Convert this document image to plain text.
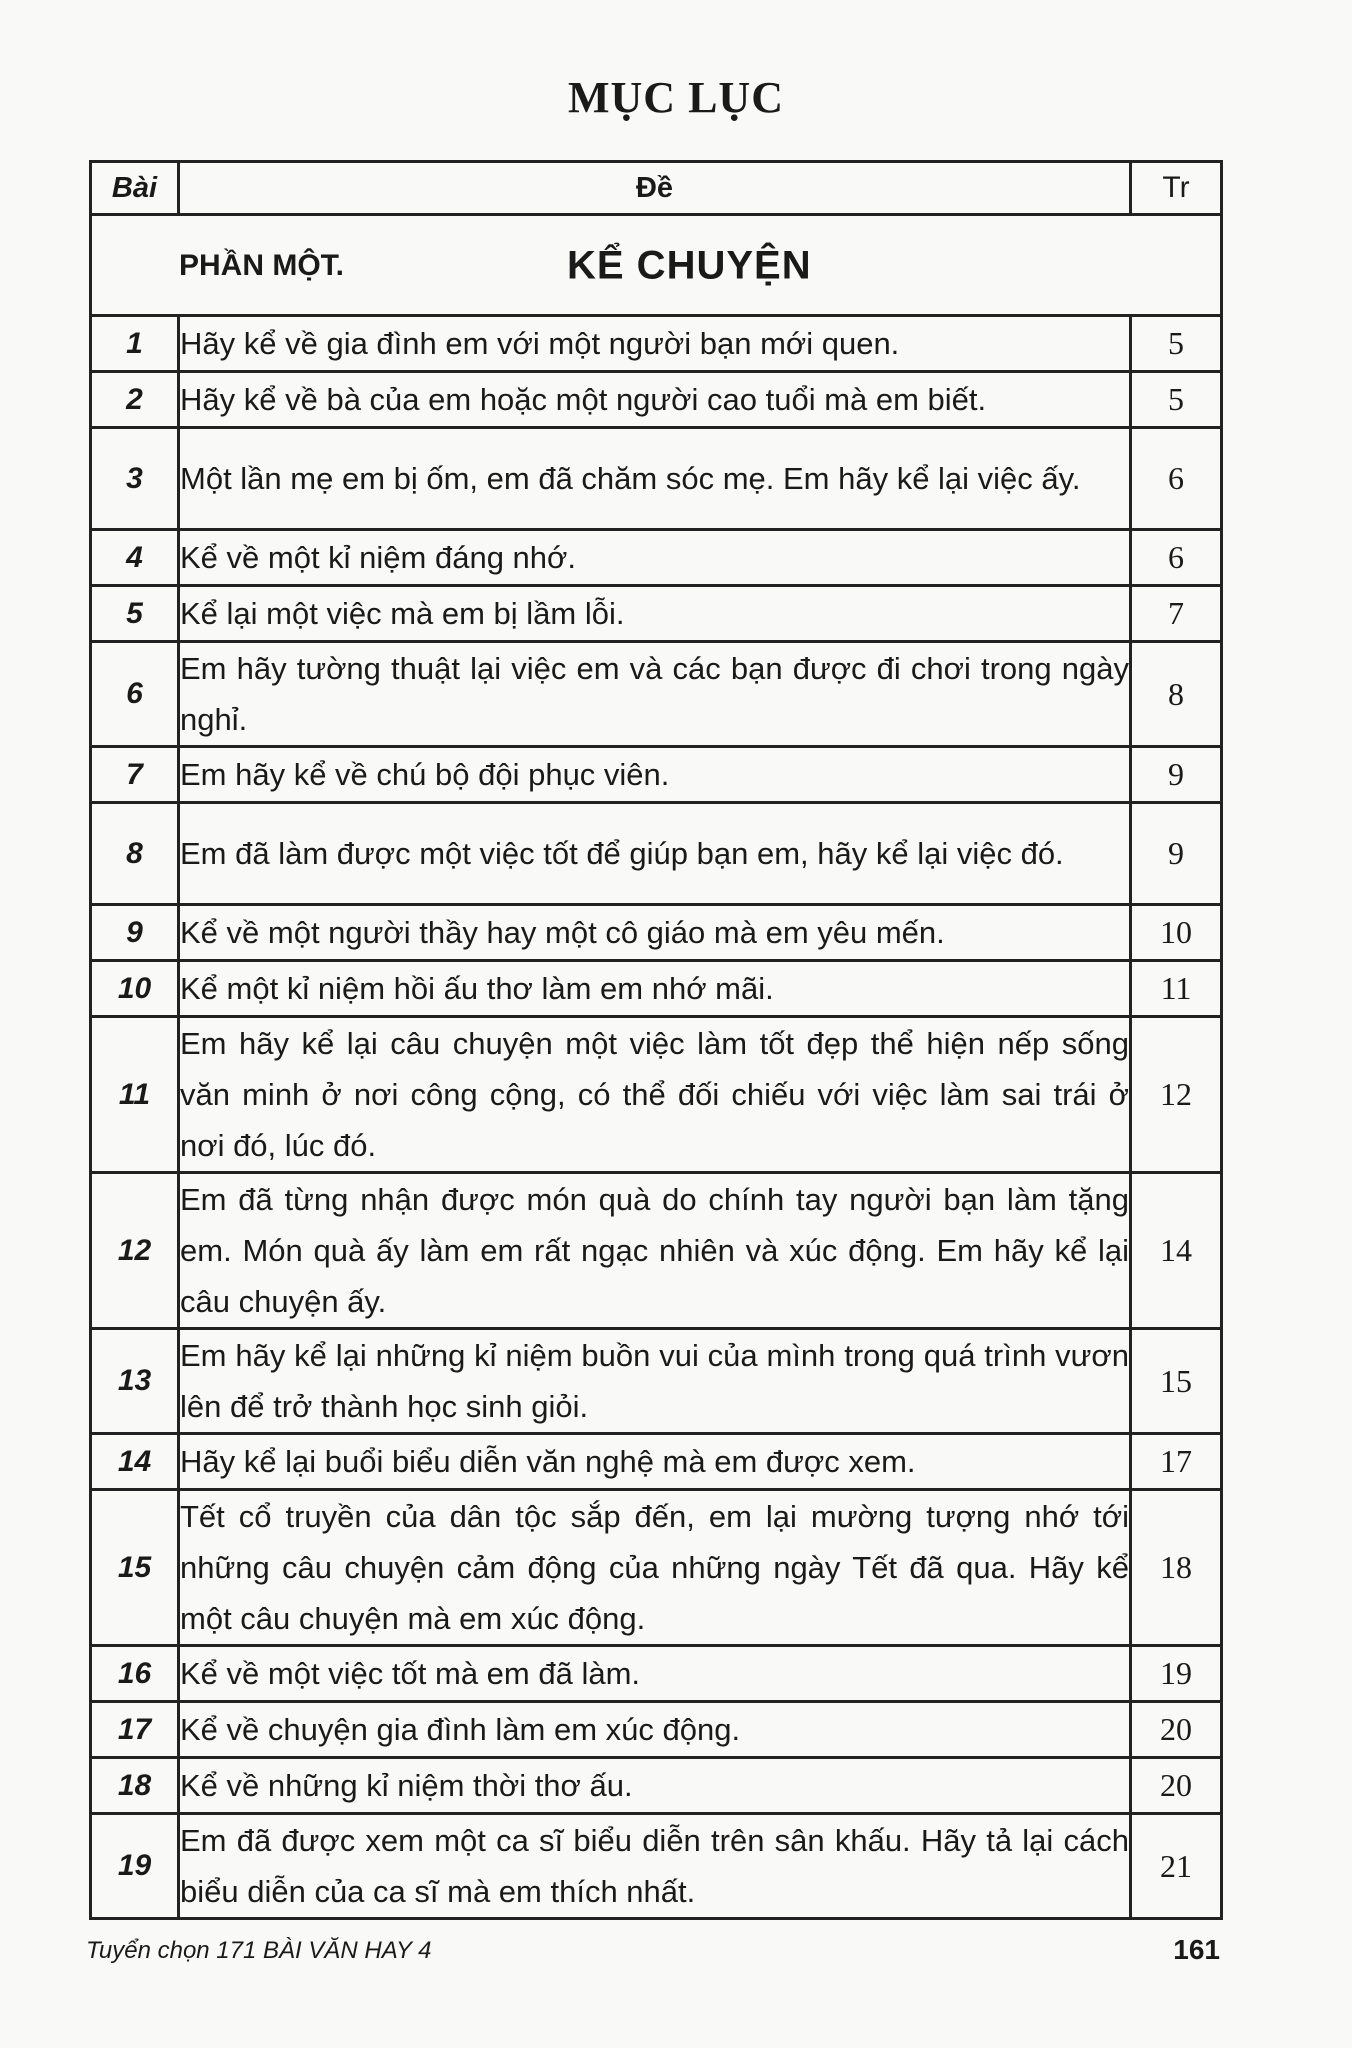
MỤC LỤC
Bài	Đề	Tr

PHẦN MỘT. KỂ CHUYỆN		

1	Hãy kể về gia đình em với một người bạn mới quen.	5
2	Hãy kể về bà của em hoặc một người cao tuổi mà em biết.	5
3	Một lần mẹ em bị ốm, em đã chăm sóc mẹ. Em hãy kể lại việc ấy.	6
4	Kể về một kỉ niệm đáng nhớ.	6
5	Kể lại một việc mà em bị lầm lỗi.	7
6	Em hãy tường thuật lại việc em và các bạn được đi chơi trong ngày nghỉ.	8
7	Em hãy kể về chú bộ đội phục viên.	9
8	Em đã làm được một việc tốt để giúp bạn em, hãy kể lại việc đó.	9
9	Kể về một người thầy hay một cô giáo mà em yêu mến.	10
10	Kể một kỉ niệm hồi ấu thơ làm em nhớ mãi.	11
11	Em hãy kể lại câu chuyện một việc làm tốt đẹp thể hiện nếp sống văn minh ở nơi công cộng, có thể đối chiếu với việc làm sai trái ở nơi đó, lúc đó.	12
12	Em đã từng nhận được món quà do chính tay người bạn làm tặng em. Món quà ấy làm em rất ngạc nhiên và xúc động. Em hãy kể lại câu chuyện ấy.	14
13	Em hãy kể lại những kỉ niệm buồn vui của mình trong quá trình vươn lên để trở thành học sinh giỏi.	15
14	Hãy kể lại buổi biểu diễn văn nghệ mà em được xem.	17
15	Tết cổ truyền của dân tộc sắp đến, em lại mường tượng nhớ tới những câu chuyện cảm động của những ngày Tết đã qua. Hãy kể một câu chuyện mà em xúc động.	18
16	Kể về một việc tốt mà em đã làm.	19
17	Kể về chuyện gia đình làm em xúc động.	20
18	Kể về những kỉ niệm thời thơ ấu.	20
19	Em đã được xem một ca sĩ biểu diễn trên sân khấu. Hãy tả lại cách biểu diễn của ca sĩ mà em thích nhất.	21
Tuyển chọn 171 BÀI VĂN HAY 4	161
